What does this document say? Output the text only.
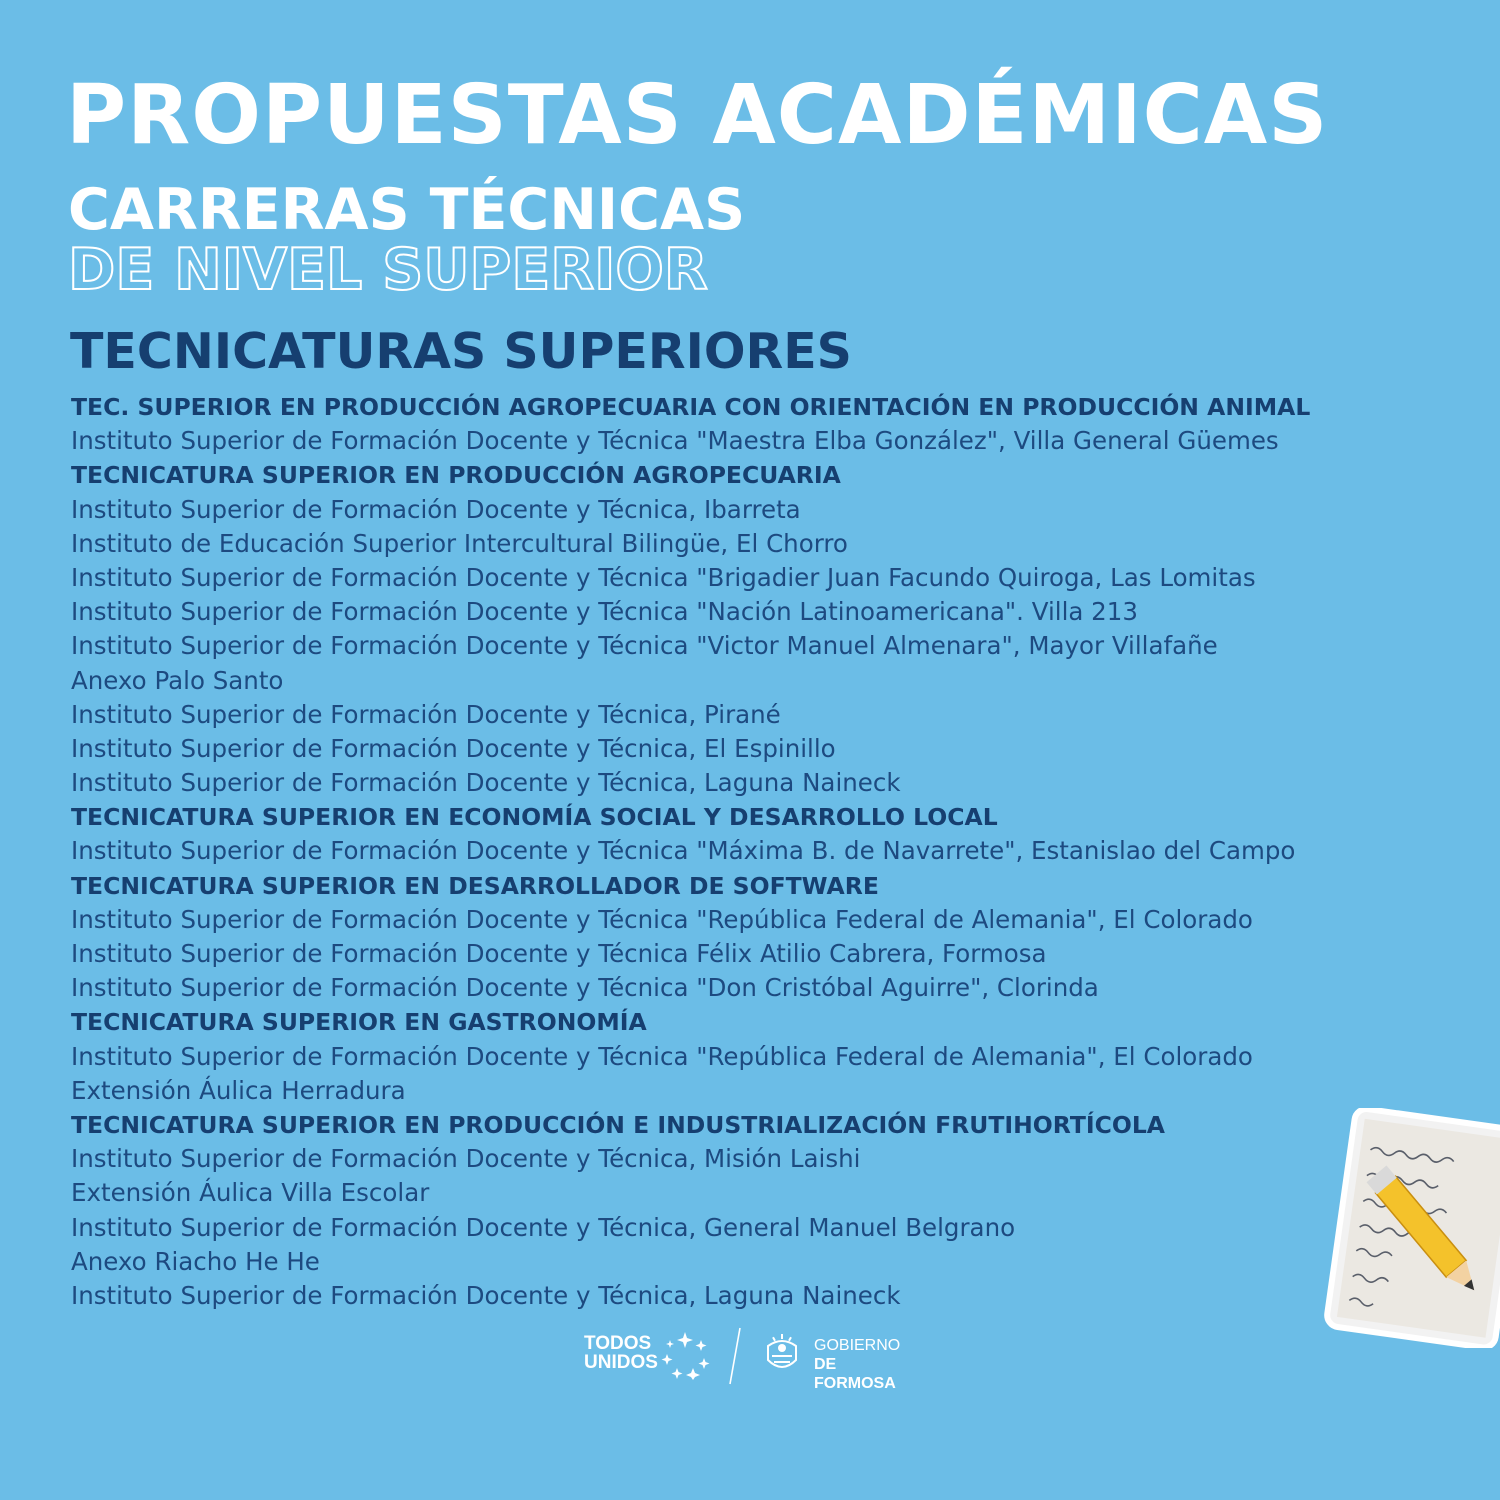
PROPUESTAS ACADÉMICAS
CARRERAS TÉCNICAS
DE NIVEL SUPERIOR
TECNICATURAS SUPERIORES
TEC. SUPERIOR EN PRODUCCIÓN AGROPECUARIA CON ORIENTACIÓN EN PRODUCCIÓN ANIMAL
Instituto Superior de Formación Docente y Técnica "Maestra Elba González", Villa General Güemes
TECNICATURA SUPERIOR EN PRODUCCIÓN AGROPECUARIA
Instituto Superior de Formación Docente y Técnica, Ibarreta
Instituto de Educación Superior Intercultural Bilingüe, El Chorro
Instituto Superior de Formación Docente y Técnica "Brigadier Juan Facundo Quiroga, Las Lomitas
Instituto Superior de Formación Docente y Técnica "Nación Latinoamericana". Villa 213
Instituto Superior de Formación Docente y Técnica "Victor Manuel Almenara", Mayor Villafañe
Anexo Palo Santo
Instituto Superior de Formación Docente y Técnica, Pirané
Instituto Superior de Formación Docente y Técnica, El Espinillo
Instituto Superior de Formación Docente y Técnica, Laguna Naineck
TECNICATURA SUPERIOR EN ECONOMÍA SOCIAL Y DESARROLLO LOCAL
Instituto Superior de Formación Docente y Técnica "Máxima B. de Navarrete", Estanislao del Campo
TECNICATURA SUPERIOR EN DESARROLLADOR DE SOFTWARE
Instituto Superior de Formación Docente y Técnica "República Federal de Alemania", El Colorado
Instituto Superior de Formación Docente y Técnica Félix Atilio Cabrera, Formosa
Instituto Superior de Formación Docente y Técnica "Don Cristóbal Aguirre", Clorinda
TECNICATURA SUPERIOR EN GASTRONOMÍA
Instituto Superior de Formación Docente y Técnica "República Federal de Alemania", El Colorado
Extensión Áulica Herradura
TECNICATURA SUPERIOR EN PRODUCCIÓN E INDUSTRIALIZACIÓN FRUTIHORTÍCOLA
Instituto Superior de Formación Docente y Técnica, Misión Laishi
Extensión Áulica Villa Escolar
Instituto Superior de Formación Docente y Técnica, General Manuel Belgrano
Anexo Riacho He He
Instituto Superior de Formación Docente y Técnica, Laguna Naineck
TODOS
UNIDOS
GOBIERNO
DE FORMOSA
